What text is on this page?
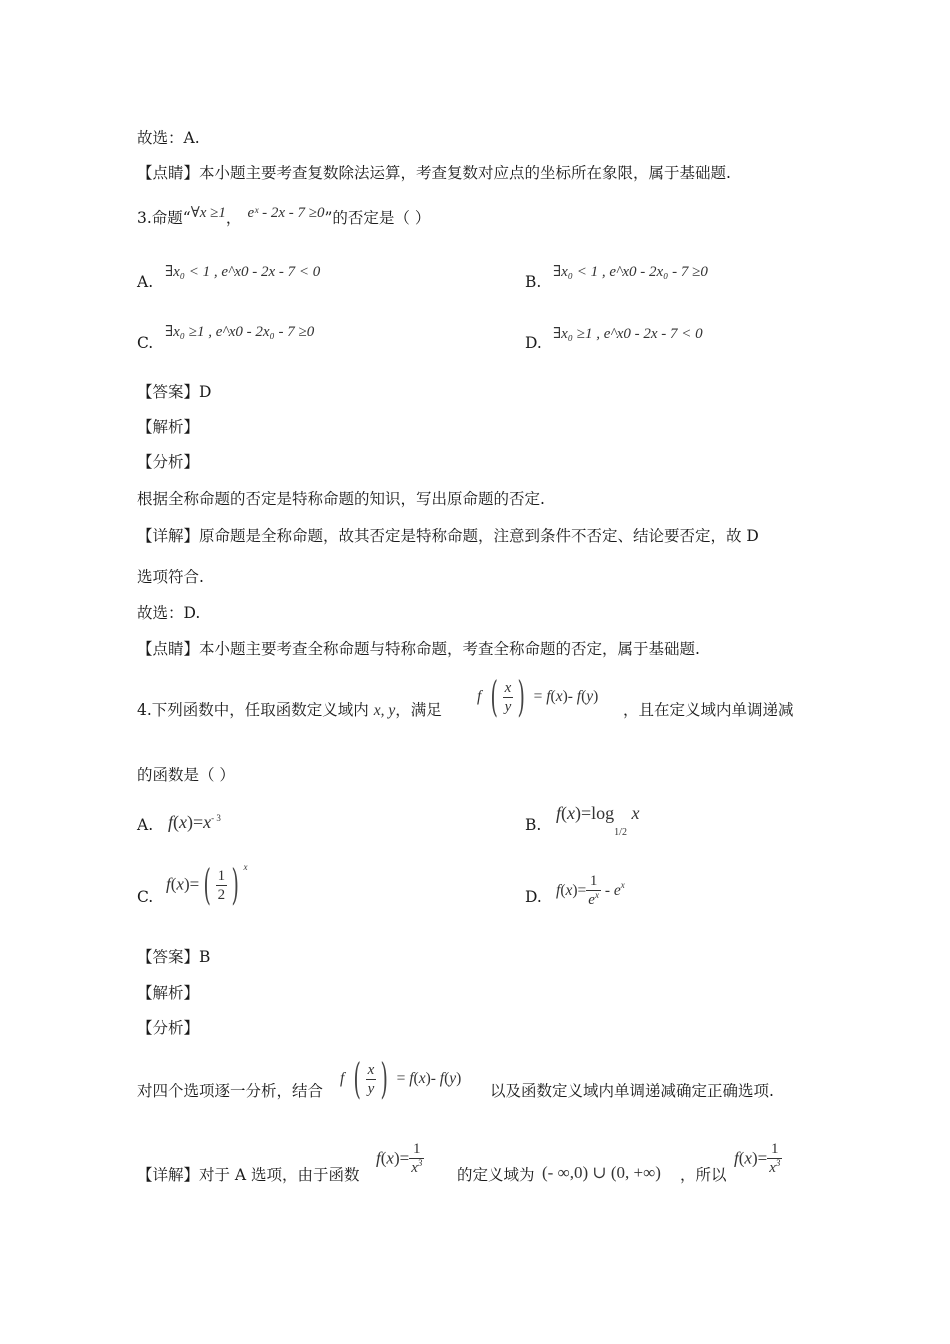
故选：A.
【点睛】本小题主要考查复数除法运算，考查复数对应点的坐标所在象限，属于基础题.
3.命题“∀x ≥1， eˣ - 2x - 7 ≥0”的否定是（ ）
A.
∃x₀ < 1 , e^x0 - 2x - 7 < 0
B.
∃x₀ < 1 , e^x0 - 2x₀ - 7 ≥0
C.
∃x₀ ≥1 , e^x0 - 2x₀ - 7 ≥0
D. ∃x₀ ≥1 , e^x0 - 2x - 7 < 0
【答案】D
【解析】
【分析】
根据全称命题的否定是特称命题的知识，写出原命题的否定.
【详解】原命题是全称命题，故其否定是特称命题，注意到条件不否定、结论要否定，故 D
选项符合.
故选：D.
【点睛】本小题主要考查全称命题与特称命题，考查全称命题的否定，属于基础题.
4.下列函数中，任取函数定义域内 x, y，满足
f ( $\frac{x}{y}$ ) = f(x)- f(y)
，且在定义域内单调递减
的函数是（ ）
A. $f(x)=x^{- 3}$	B.
$f(x)=\log_{1/2}$ x
C.
f(x)= ( $\frac{1}{2}$ ) $^x$
D. $f(x)= \frac{1}{e^x} - e^x$
【答案】B
【解析】
【分析】
对四个选项逐一分析，结合
f ( $\frac{x}{y}$ ) = f(x)- f(y)
以及函数定义域内单调递减确定正确选项.
【详解】对于 A 选项，由于函数
$f(x)= \frac{1}{x^3}$ 的定义域为 (- ∞,0) ∪ (0, +∞) ，所以
$f(x)= \frac{1}{x^3}$
